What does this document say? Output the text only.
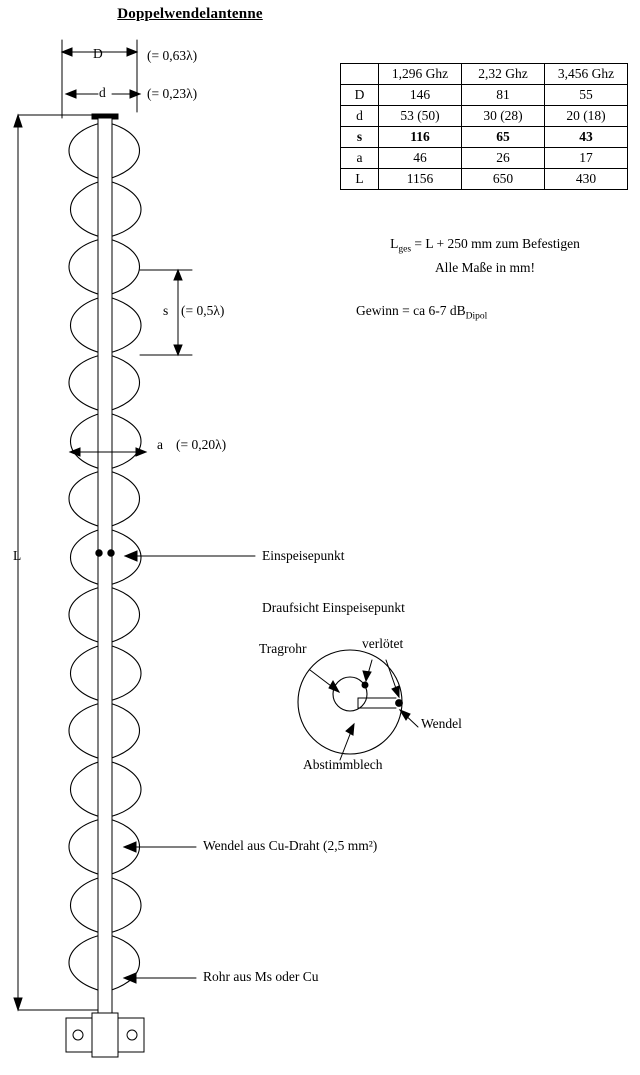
Doppelwendelantenne
D	(= 0,63λ)
d	(= 0,23λ)
s (= 0,5λ)
a (= 0,20λ)
L	Einspeisepunkt
Draufsicht Einspeisepunkt
Tragrohr	verlötet
Wendel
Abstimmblech
Wendel aus Cu-Draht (2,5 mm²)
Rohr aus Ms oder Cu
	1,296 Ghz	2,32 Ghz	3,456 Ghz
D	146	81	55
d	53 (50)	30 (28)	20 (18)
s	116	65	43
a	46	26	17
L	1156	650	430
$L_{ges} = L + 250$ mm zum Befestigen
Alle Maße in mm!
Gewinn = ca 6-7 $dB_{Dipol}$
